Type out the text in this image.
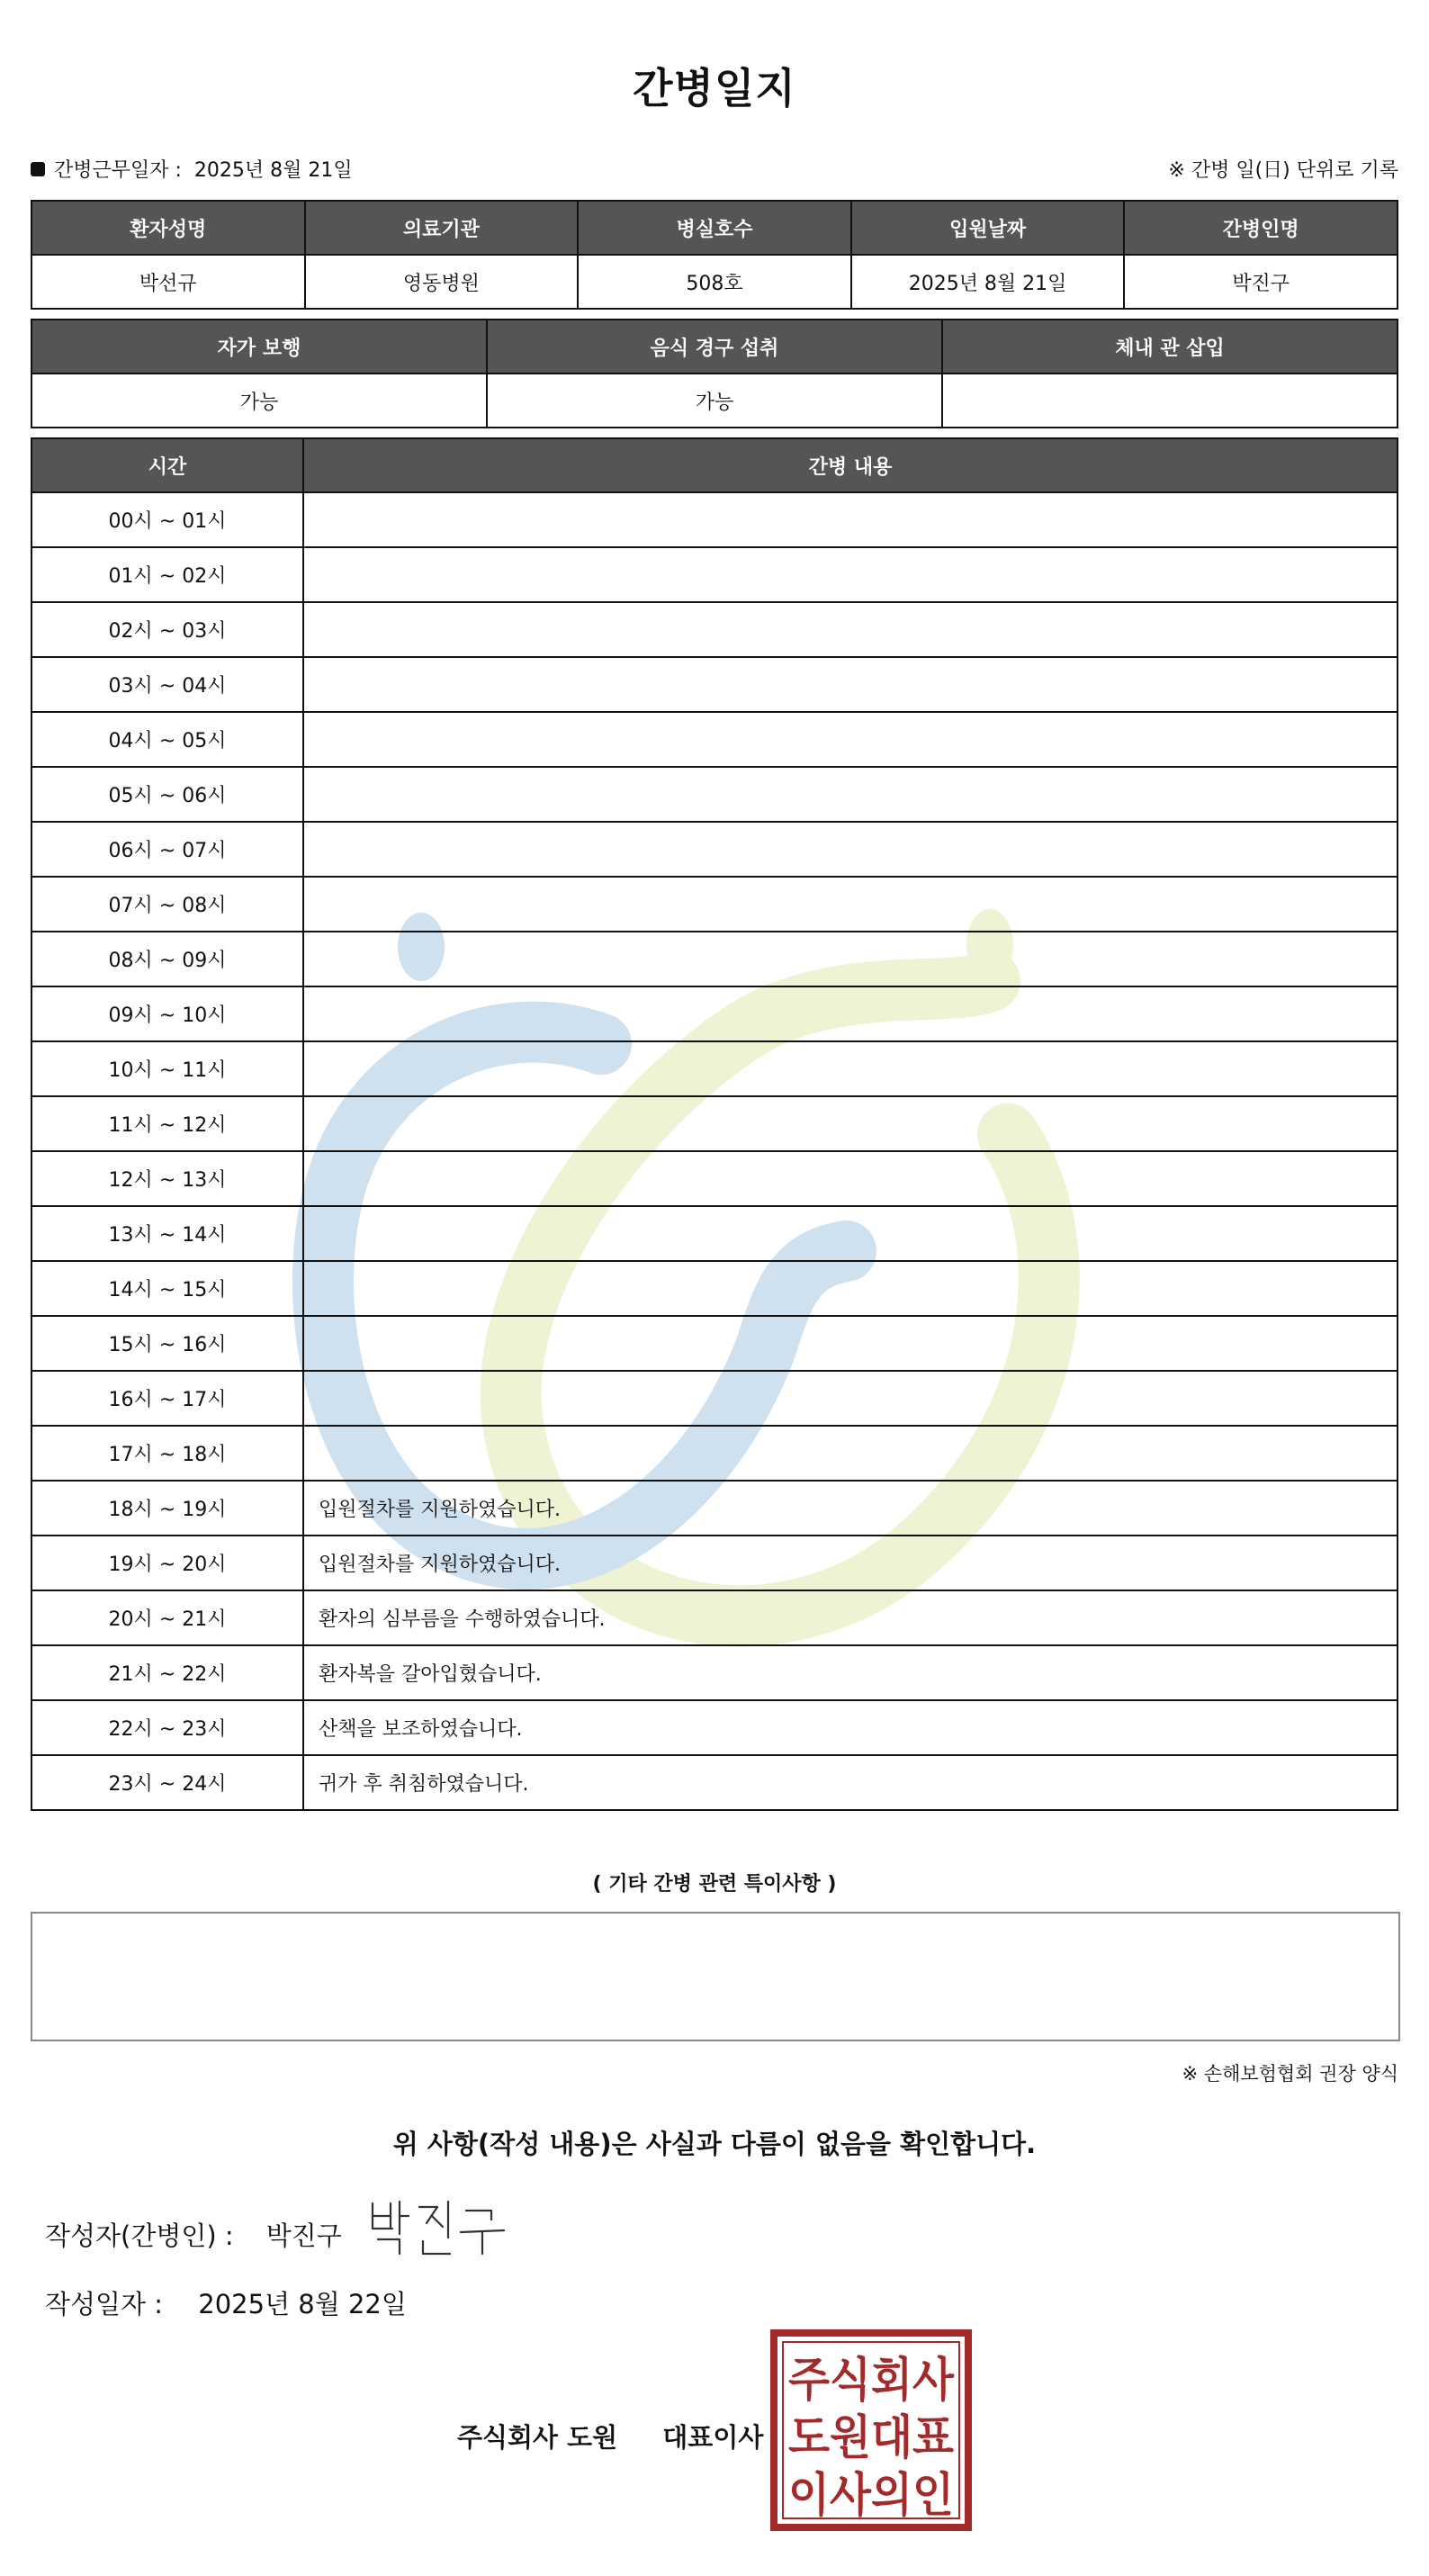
간병일지
간병근무일자 : 2025년 8월 21일	※ 간병 일(日) 단위로 기록
환자성명	의료기관	병실호수	입원날짜	간병인명
박선규	영동병원	508호	2025년 8월 21일	박진구
자가 보행	음식 경구 섭취	체내 관 삽입
가능	가능	
시간	간병 내용
00시 ~ 01시	
01시 ~ 02시	
02시 ~ 03시	
03시 ~ 04시	
04시 ~ 05시	
05시 ~ 06시	
06시 ~ 07시	
07시 ~ 08시	
08시 ~ 09시	
09시 ~ 10시	
10시 ~ 11시	
11시 ~ 12시	
12시 ~ 13시	
13시 ~ 14시	
14시 ~ 15시	
15시 ~ 16시	
16시 ~ 17시	
17시 ~ 18시	
18시 ~ 19시	입원절차를 지원하였습니다.
19시 ~ 20시	입원절차를 지원하였습니다.
20시 ~ 21시	환자의 심부름을 수행하였습니다.
21시 ~ 22시	환자복을 갈아입혔습니다.
22시 ~ 23시	산책을 보조하였습니다.
23시 ~ 24시	귀가 후 취침하였습니다.
( 기타 간병 관련 특이사항 )
※ 손해보험협회 권장 양식
위 사항(작성 내용)은 사실과 다름이 없음을 확인합니다.
작성자(간병인) : 박진구
작성일자 : 2025년 8월 22일
주식회사 도원 대표이사
주식회사
도원대표
이사의인
